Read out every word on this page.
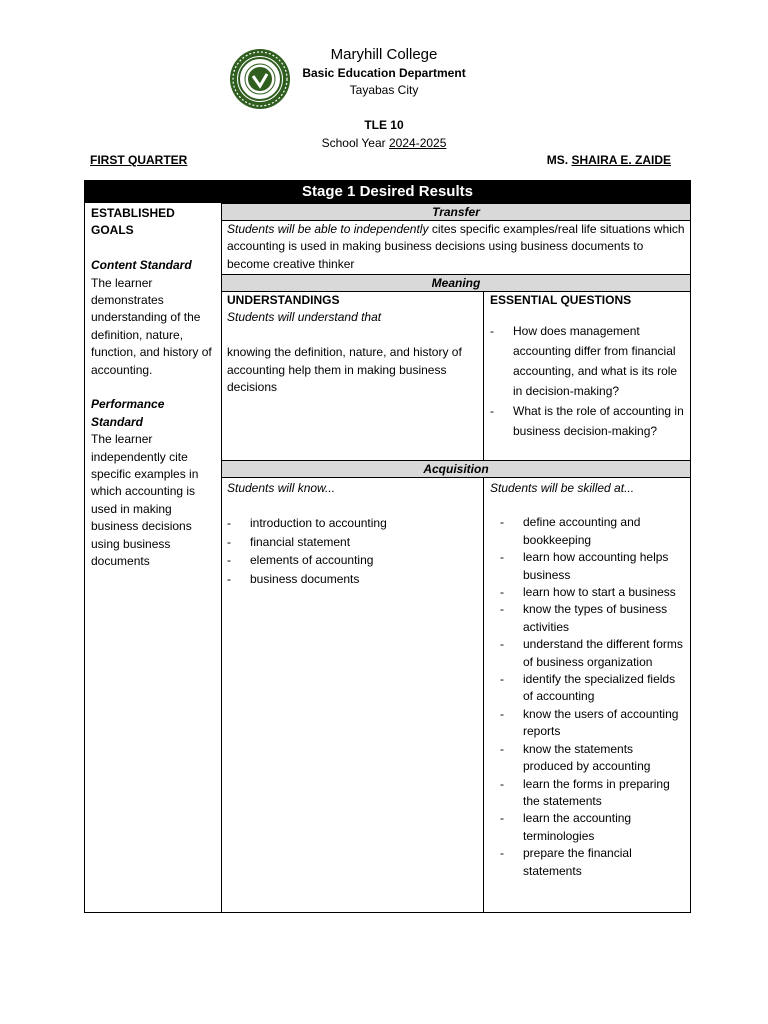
Maryhill College
Basic Education Department
Tayabas City
TLE 10
School Year 2024-2025
FIRST QUARTER	MS. SHAIRA E. ZAIDE
Stage 1 Desired Results
Transfer
Meaning
Acquisition
ESTABLISHED GOALS
Content Standard
The learner demonstrates understanding of the definition, nature, function, and history of accounting.
Performance Standard
The learner independently cite specific examples in which accounting is used in making business decisions using business documents
Students will be able to independently cites specific examples/real life situations which accounting is used in making business decisions using business documents to become creative thinker
UNDERSTANDINGS
Students will understand that
knowing the definition, nature, and history of accounting help them in making business decisions
ESSENTIAL QUESTIONS
- How does management accounting differ from financial accounting, and what is its role in decision-making?
- What is the role of accounting in business decision-making?
Students will know...
- introduction to accounting
- financial statement
- elements of accounting
- business documents
Students will be skilled at...
- define accounting and bookkeeping
- learn how accounting helps business
- learn how to start a business
- know the types of business activities
- understand the different forms of business organization
- identify the specialized fields of accounting
- know the users of accounting reports
- know the statements produced by accounting
- learn the forms in preparing the statements
- learn the accounting terminologies
- prepare the financial statements
